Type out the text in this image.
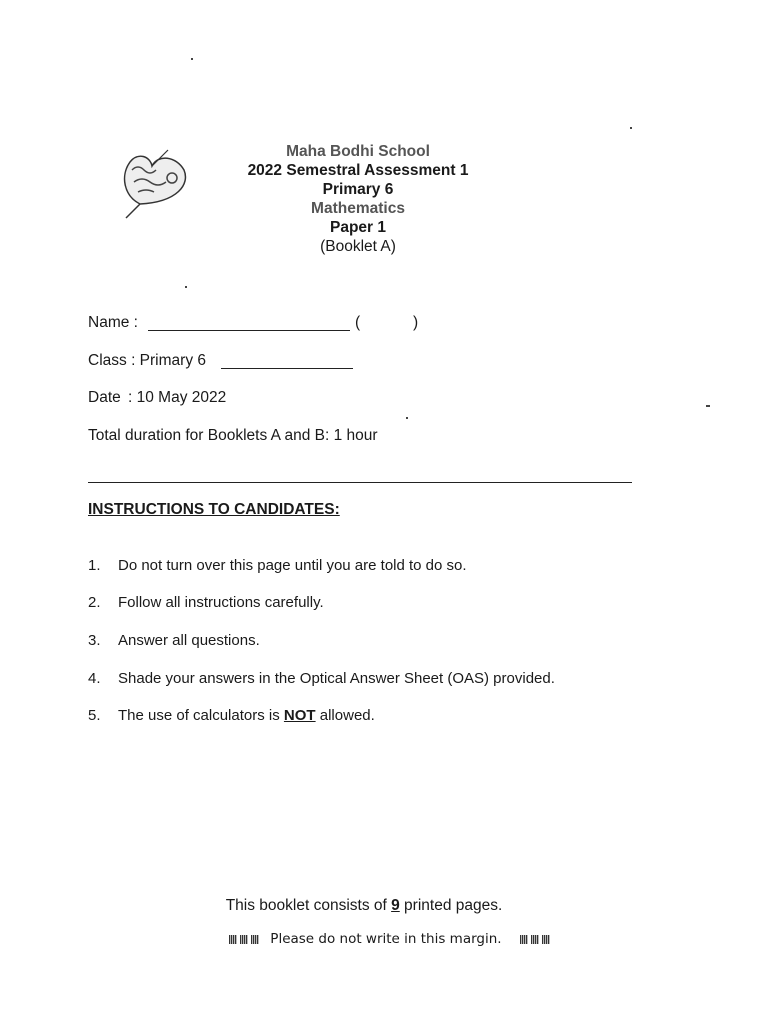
Maha Bodhi School
2022 Semestral Assessment 1
Primary 6
Mathematics
Paper 1
(Booklet A)
Name :	(	)
Class : Primary 6
Date : 10 May 2022
Total duration for Booklets A and B: 1 hour
INSTRUCTIONS TO CANDIDATES:
1. Do not turn over this page until you are told to do so.
2. Follow all instructions carefully.
3. Answer all questions.
4. Shade your answers in the Optical Answer Sheet (OAS) provided.
5. The use of calculators is NOT allowed.
This booklet consists of 9 printed pages.
Please do not write in this margin.
